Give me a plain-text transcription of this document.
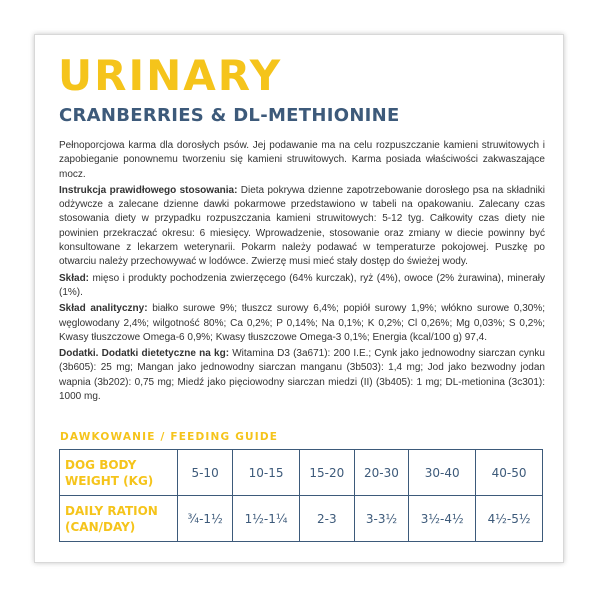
URINARY
CRANBERRIES & DL-METHIONINE

Pełnoporcjowa karma dla dorosłych psów. Jej podawanie ma na celu rozpuszczanie kamieni struwitowych i zapobieganie ponownemu tworzeniu się kamieni struwitowych. Karma posiada właściwości zakwaszające mocz.

Instrukcja prawidłowego stosowania: Dieta pokrywa dzienne zapotrzebowanie dorosłego psa na składniki odżywcze a zalecane dzienne dawki pokarmowe przedstawiono w tabeli na opakowaniu. Zalecany czas stosowania diety w przypadku rozpuszczania kamieni struwitowych: 5-12 tyg. Całkowity czas diety nie powinien przekraczać okresu: 6 miesięcy. Wprowadzenie, stosowanie oraz zmiany w diecie powinny być konsultowane z lekarzem weterynarii. Pokarm należy podawać w temperaturze pokojowej. Puszkę po otwarciu należy przechowywać w lodówce. Zwierzę musi mieć stały dostęp do świeżej wody.

Skład: mięso i produkty pochodzenia zwierzęcego (64% kurczak), ryż (4%), owoce (2% żurawina), minerały (1%).

Skład analityczny: białko surowe 9%; tłuszcz surowy 6,4%; popiół surowy 1,9%; włókno surowe 0,30%; węglowodany 2,4%; wilgotność 80%; Ca 0,2%; P 0,14%; Na 0,1%; K 0,2%; Cl 0,26%; Mg 0,03%; S 0,2%; Kwasy tłuszczowe Omega-6 0,9%; Kwasy tłuszczowe Omega-3 0,1%; Energia (kcal/100 g) 97,4.

Dodatki. Dodatki dietetyczne na kg: Witamina D3 (3a671): 200 I.E.; Cynk jako jednowodny siarczan cynku (3b605): 25 mg; Mangan jako jednowodny siarczan manganu (3b503): 1,4 mg; Jod jako bezwodny jodan wapnia (3b202): 0,75 mg; Miedź jako pięciowodny siarczan miedzi (II) (3b405): 1 mg; DL-metionina (3c301): 1000 mg.

DAWKOWANIE / FEEDING GUIDE
DOG BODY
WEIGHT (KG)	5-10	10-15	15-20	20-30	30-40	40-50
DAILY RATION
(CAN/DAY)	¾-1½	1½-1¼	2-3	3-3½	3½-4½	4½-5½
